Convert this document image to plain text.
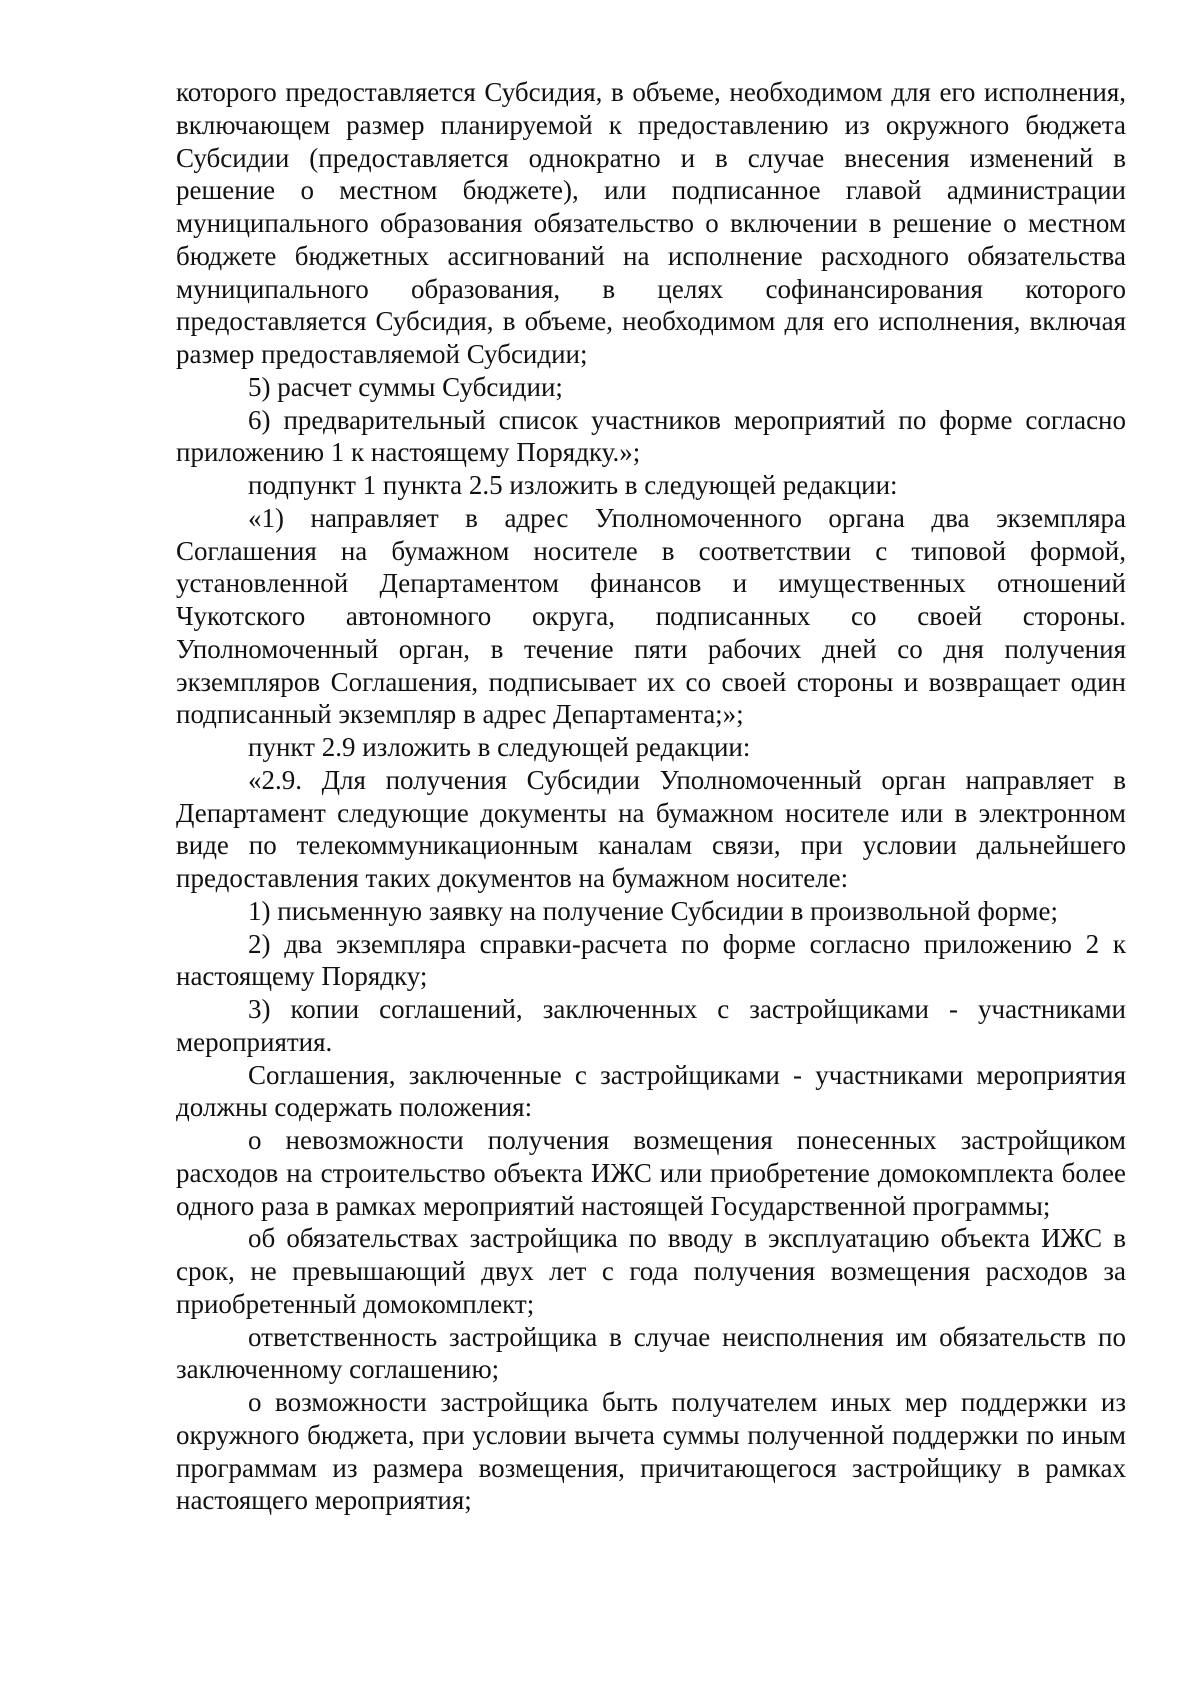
которого предоставляется Субсидия, в объеме, необходимом для его исполнения, включающем размер планируемой к предоставлению из окружного бюджета Субсидии (предоставляется однократно и в случае внесения изменений в решение о местном бюджете), или подписанное главой администрации муниципального образования обязательство о включении в решение о местном бюджете бюджетных ассигнований на исполнение расходного обязательства муниципального образования, в целях софинансирования которого предоставляется Субсидия, в объеме, необходимом для его исполнения, включая размер предоставляемой Субсидии;

5) расчет суммы Субсидии;

6) предварительный список участников мероприятий по форме согласно приложению 1 к настоящему Порядку.»;

подпункт 1 пункта 2.5 изложить в следующей редакции:

«1) направляет в адрес Уполномоченного органа два экземпляра Соглашения на бумажном носителе в соответствии с типовой формой, установленной Департаментом финансов и имущественных отношений Чукотского автономного округа, подписанных со своей стороны. Уполномоченный орган, в течение пяти рабочих дней со дня получения экземпляров Соглашения, подписывает их со своей стороны и возвращает один подписанный экземпляр в адрес Департамента;»;

пункт 2.9 изложить в следующей редакции:

«2.9. Для получения Субсидии Уполномоченный орган направляет в Департамент следующие документы на бумажном носителе или в электронном виде по телекоммуникационным каналам связи, при условии дальнейшего предоставления таких документов на бумажном носителе:

1) письменную заявку на получение Субсидии в произвольной форме;

2) два экземпляра справки-расчета по форме согласно приложению 2 к настоящему Порядку;

3) копии соглашений, заключенных с застройщиками - участниками мероприятия.

Соглашения, заключенные с застройщиками - участниками мероприятия должны содержать положения:

о невозможности получения возмещения понесенных застройщиком расходов на строительство объекта ИЖС или приобретение домокомплекта более одного раза в рамках мероприятий настоящей Государственной программы;

об обязательствах застройщика по вводу в эксплуатацию объекта ИЖС в срок, не превышающий двух лет с года получения возмещения расходов за приобретенный домокомплект;

ответственность застройщика в случае неисполнения им обязательств по заключенному соглашению;

о возможности застройщика быть получателем иных мер поддержки из окружного бюджета, при условии вычета суммы полученной поддержки по иным программам из размера возмещения, причитающегося застройщику в рамках настоящего мероприятия;
